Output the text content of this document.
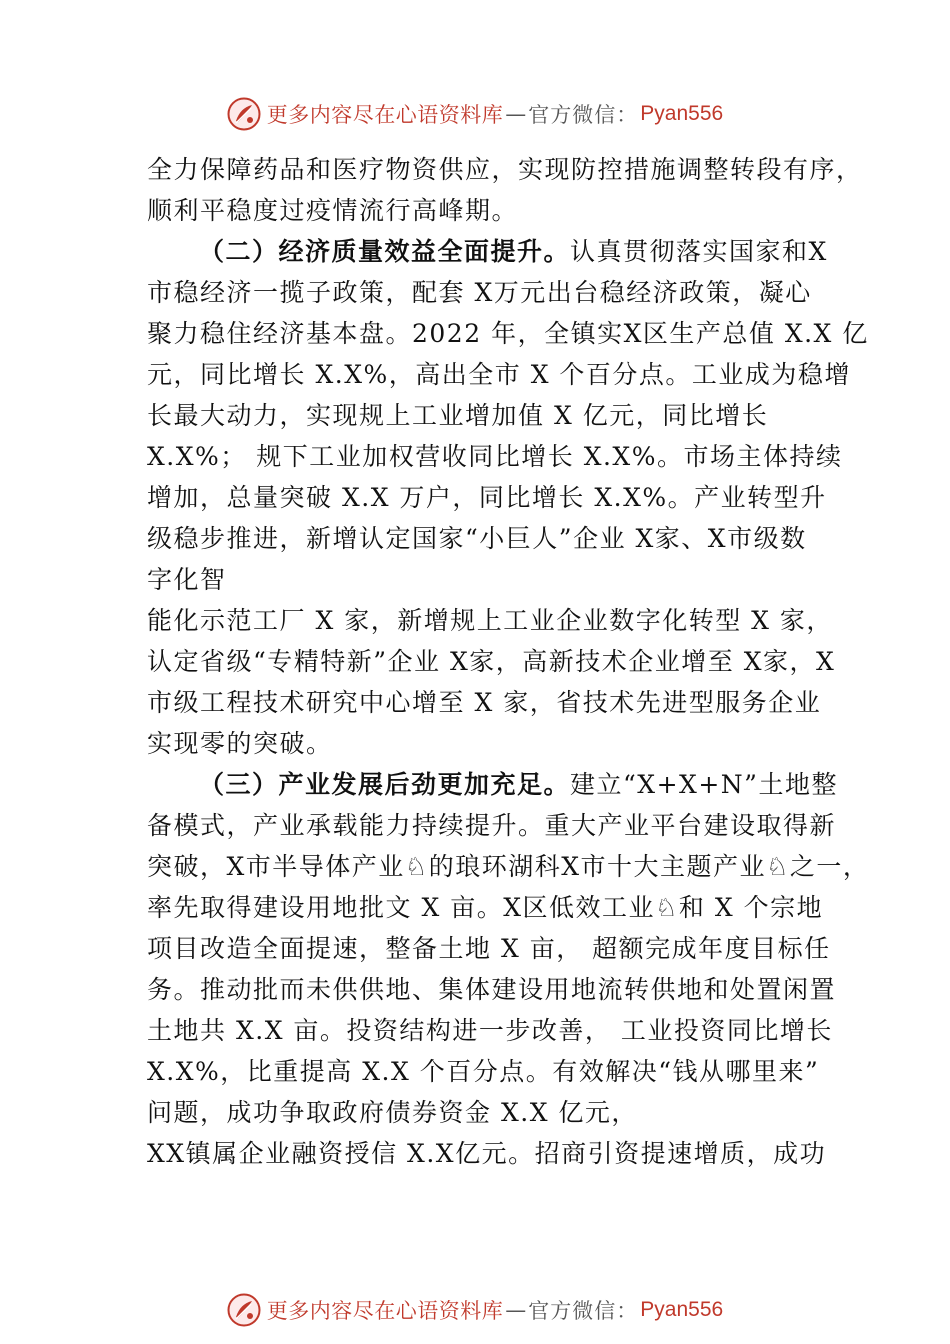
更多内容尽在心语资料库 — 官方微信： Pyan556
全力保障药品和医疗物资供应，实现防控措施调整转段有序，
顺利平稳度过疫情流行高峰期。
（二）经济质量效益全面提升。认真贯彻落实国家和X
市稳经济一揽子政策，配套 X万元出台稳经济政策，凝心
聚力稳住经济基本盘。2022 年，全镇实X区生产总值 X.X 亿
元，同比增长 X.X%，高出全市 X 个百分点。工业成为稳增
长最大动力，实现规上工业增加值 X 亿元，同比增长
X.X%； 规下工业加权营收同比增长 X.X%。市场主体持续
增加，总量突破 X.X 万户，同比增长 X.X%。产业转型升
级稳步推进，新增认定国家“小巨人”企业 X家、X市级数
字化智
能化示范工厂 X 家，新增规上工业企业数字化转型 X 家，
认定省级“专精特新”企业 X家，高新技术企业增至 X家，X
市级工程技术研究中心增至 X 家，省技术先进型服务企业
实现零的突破。
（三）产业发展后劲更加充足。建立“X+X+N”土地整
备模式，产业承载能力持续提升。重大产业平台建设取得新
突破，X市半导体产业♘的琅环湖科X市十大主题产业♘之一，
率先取得建设用地批文 X 亩。X区低效工业♘和 X 个宗地
项目改造全面提速，整备土地 X 亩， 超额完成年度目标任
务。推动批而未供供地、集体建设用地流转供地和处置闲置
土地共 X.X 亩。投资结构进一步改善， 工业投资同比增长
X.X%，比重提高 X.X 个百分点。有效解决“钱从哪里来”
问题，成功争取政府债券资金 X.X 亿元，
XX镇属企业融资授信 X.X亿元。招商引资提速增质，成功
更多内容尽在心语资料库 — 官方微信： Pyan556
